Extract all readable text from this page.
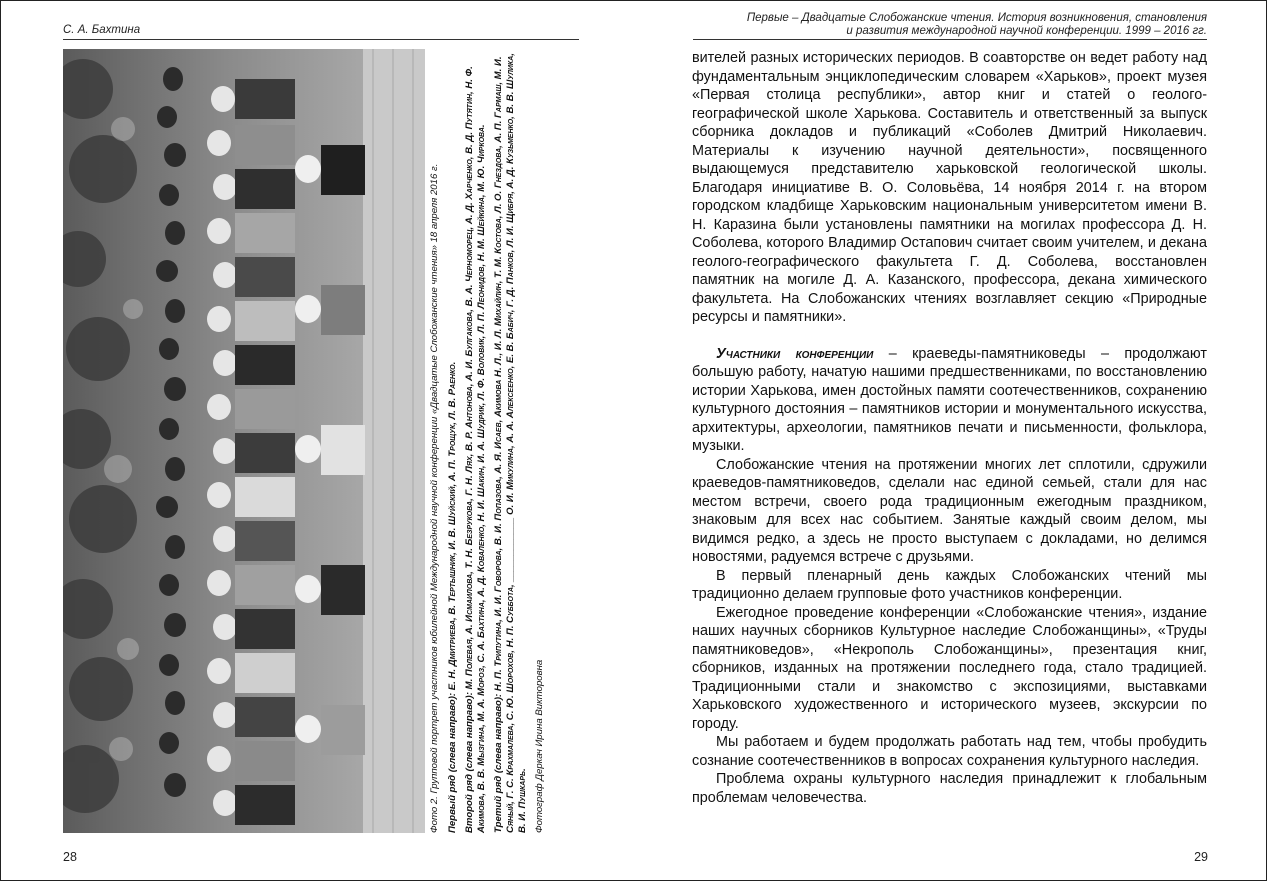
С. А. Бахтина

Фото 2. Групповой портрет участников юбилейной Международной научной конференции «Двадцатые Слобожанские чтения» 18 апреля 2016 г. Первый ряд (слева направо): Е. Н. Дмитриева, В. Тертышник, И. В. Шуйский, А. П. Трощук, Л. В. Раенко.

Второй ряд (слева направо): М. Полевая, А. Исмаилова, Т. Н. Безрукова, Г. Н. Лях, В. Р. Антонова, А. И. Булгакова, В. А. Черноморец, А. Д. Харченко, В. Д. Путятин, Н. Ф. Акимова, В. В. Мызгина, М. А. Мороз, С. А. Бахтина, А. Д. Коваленко, Н. И. Шакин, И. А. Шудрик, Л. Ф. Воловик, Л. П. Леонидов, Н. М. Шейкина, М. Ю. Чиркова. Третий ряд (слева направо): Н. П. Трипутина, И. И. Говорова, В. И. Попазова, А. Я. Исаев, Акимова Н. Л., И. Л. Михайлин, Т. М. Костова, Л. О. Гнездова, А. П. Гармаш, М. И. Сяный, Г. С. Крахмалева, С. Ю. Шорохов, Н. П. Суббота, ____________ О. И. Микулина, А. А. Алексеенко, Е. В. Бабич, Г. Д. Панков, Л. И. Щибря, А. Д. Кузьменко, В. В. Шулика, В. И. Пушкарь. Фотограф Деркач Ирина Викторовна

28
Первые – Двадцатые Слобожанские чтения. История возникновения, становления
и развития международной научной конференции. 1999 – 2016 гг.

вителей разных исторических периодов. В соавторстве он ведет работу над фундаментальным энциклопедическим словарем «Харьков», проект музея «Первая столица республики», автор книг и статей о геолого-географической школе Харькова. Составитель и ответственный за выпуск сборника докладов и публикаций «Соболев Дмитрий Николаевич. Материалы к изучению научной деятельности», посвященного выдающемуся представителю харьковской геологической школы. Благодаря инициативе В. О. Соловьёва, 14 ноября 2014 г. на втором городском кладбище Харьковским национальным университетом имени В. Н. Каразина были установлены памятники на могилах профессора Д. Н. Соболева, которого Владимир Остапович считает своим учителем, и декана геолого-географического факультета Г. Д. Соболева, восстановлен памятник на могиле Д. А. Казанского, профессора, декана химического факультета. На Слобожанских чтениях возглавляет секцию «Природные ресурсы и памятники».

Участники конференции – краеведы-памятниковеды – продолжают большую работу, начатую нашими предшественниками, по восстановлению истории Харькова, имен достойных памяти соотечественников, сохранению культурного достояния – памятников истории и монументального искусства, архитектуры, археологии, памятников печати и письменности, фольклора, музыки.

Слобожанские чтения на протяжении многих лет сплотили, сдружили краеведов-памятниковедов, сделали нас единой семьей, стали для нас местом встречи, своего рода традиционным ежегодным праздником, знаковым для всех нас событием. Занятые каждый своим делом, мы видимся редко, а здесь не просто выступаем с докладами, но делимся новостями, радуемся встрече с друзьями.

В первый пленарный день каждых Слобожанских чтений мы традиционно делаем групповые фото участников конференции.

Ежегодное проведение конференции «Слобожанские чтения», издание наших научных сборников Культурное наследие Слобожанщины», «Труды памятниковедов», «Некрополь Слобожанщины», презентация книг, сборников, изданных на протяжении последнего года, стало традицией. Традиционными стали и знакомство с экспозициями, выставками Харьковского художественного и исторического музеев, экскурсии по городу.

Мы работаем и будем продолжать работать над тем, чтобы пробудить сознание соотечественников в вопросах сохранения культурного наследия.

Проблема охраны культурного наследия принадлежит к глобальным проблемам человечества.

29
